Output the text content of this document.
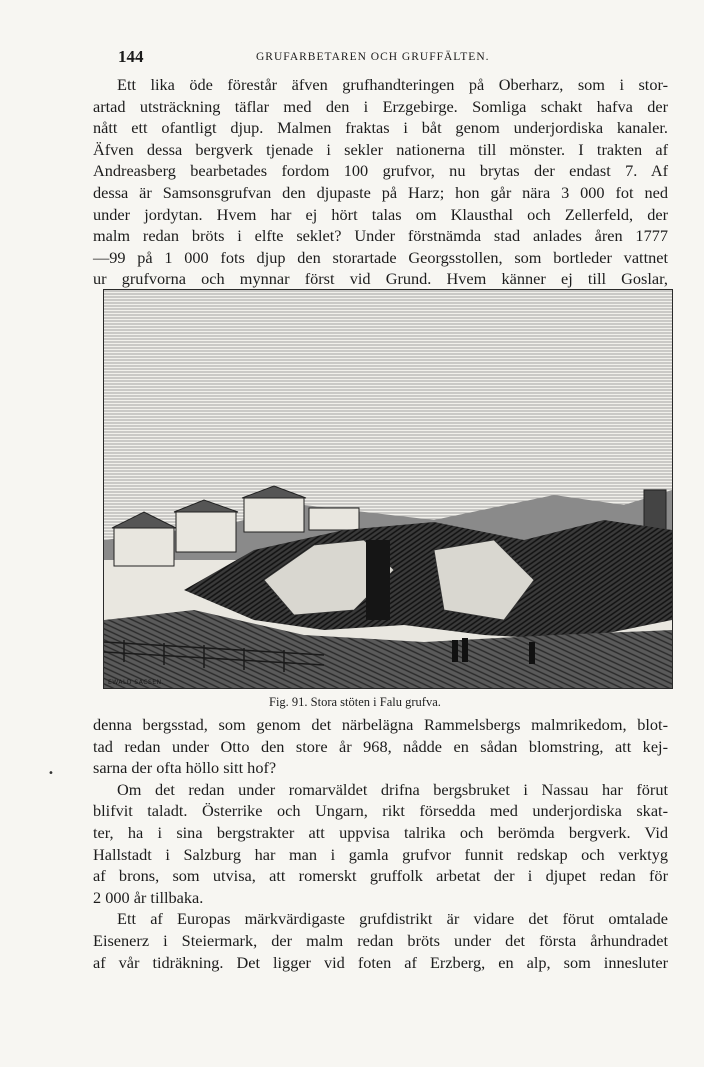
144	GRUFARBETAREN OCH GRUFFÄLTEN.

Ett lika öde förestår äfven grufhandteringen på Oberharz, som i stor-
artad utsträckning täflar med den i Erzgebirge. Somliga schakt hafva der
nått ett ofantligt djup. Malmen fraktas i båt genom underjordiska kanaler.
Äfven dessa bergverk tjenade i sekler nationerna till mönster. I trakten af
Andreasberg bearbetades fordom 100 grufvor, nu brytas der endast 7. Af
dessa är Samsonsgrufvan den djupaste på Harz; hon går nära 3 000 fot ned
under jordytan. Hvem har ej hört talas om Klausthal och Zellerfeld, der
malm redan bröts i elfte seklet? Under förstnämda stad anlades åren 1777
—99 på 1 000 fots djup den storartade Georgsstollen, som bortleder vattnet
ur grufvorna och mynnar först vid Grund. Hvem känner ej till Goslar,

EWALD SACSEN.
Fig. 91. Stora stöten i Falu grufva.

denna bergsstad, som genom det närbelägna Rammelsbergs malmrikedom, blot-
tad redan under Otto den store år 968, nådde en sådan blomstring, att kej-
sarna der ofta höllo sitt hof?
Om det redan under romarväldet drifna bergsbruket i Nassau har förut
blifvit taladt. Österrike och Ungarn, rikt försedda med underjordiska skat-
ter, ha i sina bergstrakter att uppvisa talrika och berömda bergverk. Vid
Hallstadt i Salzburg har man i gamla grufvor funnit redskap och verktyg
af brons, som utvisa, att romerskt gruffolk arbetat der i djupet redan för
2 000 år tillbaka.
Ett af Europas märkvärdigaste grufdistrikt är vidare det förut omtalade
Eisenerz i Steiermark, der malm redan bröts under det första århundradet
af vår tidräkning. Det ligger vid foten af Erzberg, en alp, som innesluter

•
